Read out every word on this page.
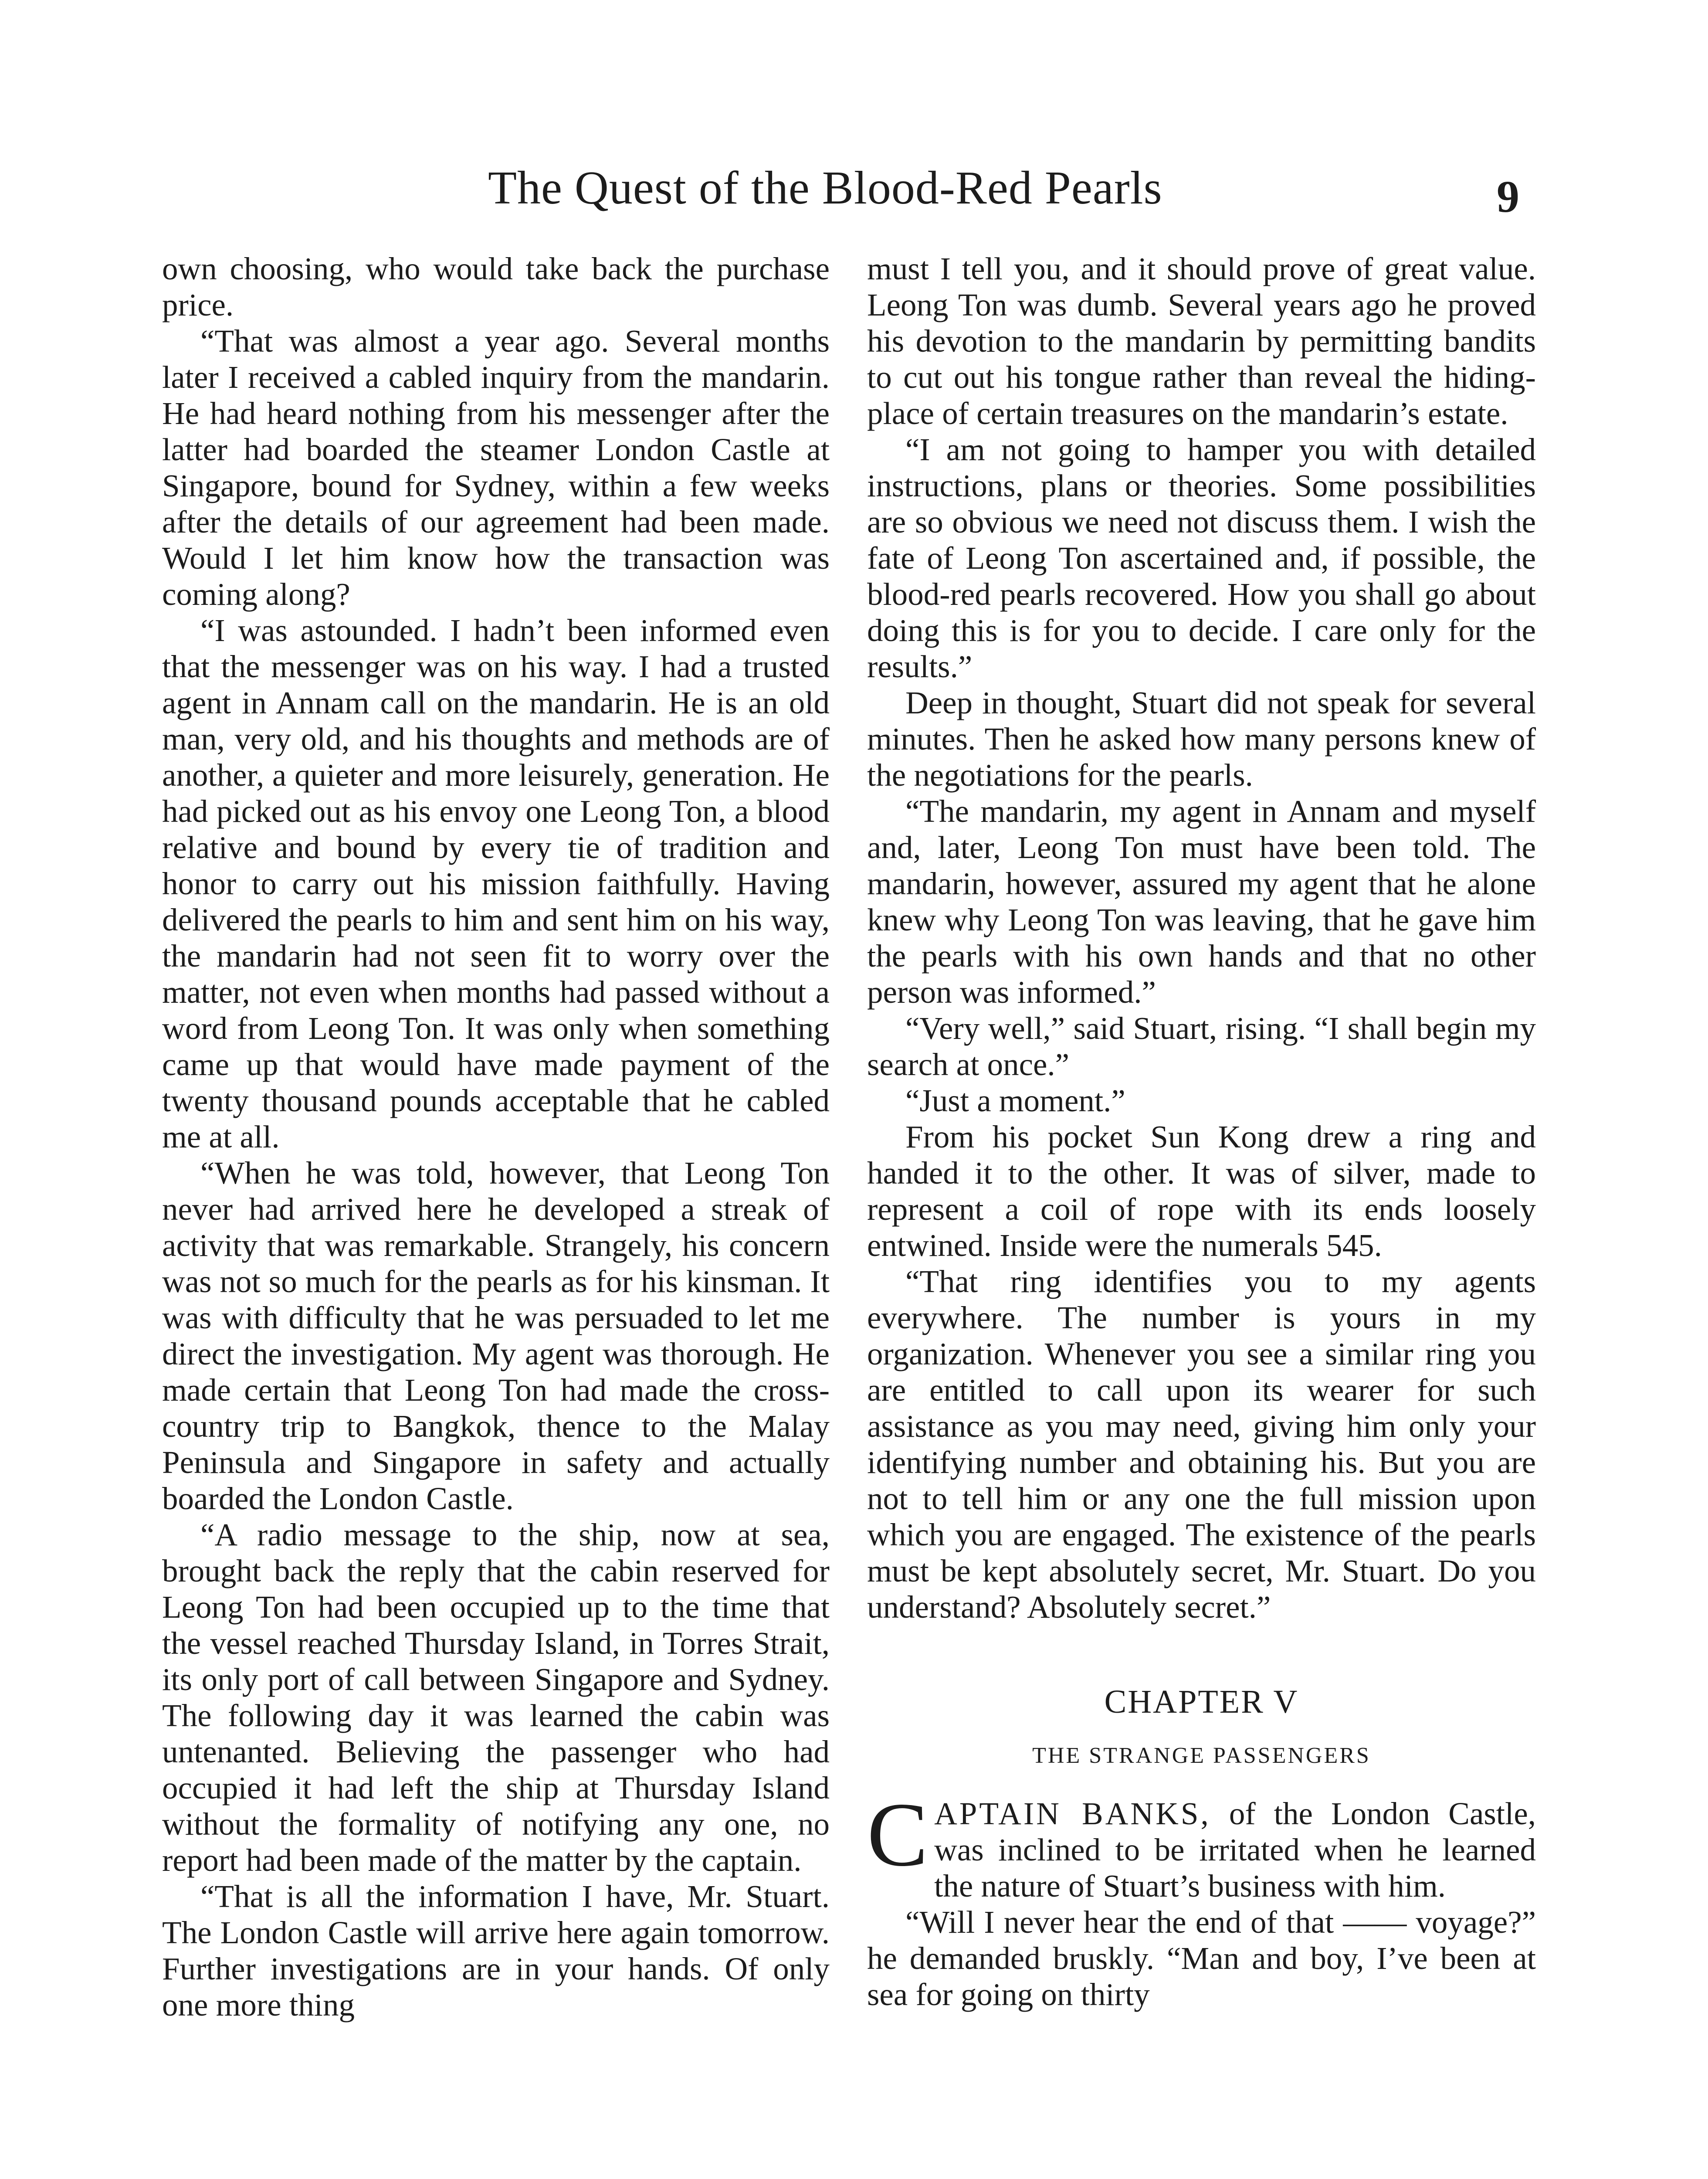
The Quest of the Blood-Red Pearls	9

own choosing, who would take back the purchase price.

“That was almost a year ago. Several months later I received a cabled inquiry from the mandarin. He had heard nothing from his messenger after the latter had boarded the steamer London Castle at Singapore, bound for Sydney, within a few weeks after the details of our agreement had been made. Would I let him know how the transaction was coming along?

“I was astounded. I hadn’t been informed even that the messenger was on his way. I had a trusted agent in Annam call on the mandarin. He is an old man, very old, and his thoughts and methods are of another, a quieter and more leisurely, generation. He had picked out as his envoy one Leong Ton, a blood relative and bound by every tie of tradition and honor to carry out his mission faithfully. Having delivered the pearls to him and sent him on his way, the mandarin had not seen fit to worry over the matter, not even when months had passed without a word from Leong Ton. It was only when something came up that would have made payment of the twenty thousand pounds acceptable that he cabled me at all.

“When he was told, however, that Leong Ton never had arrived here he developed a streak of activity that was remarkable. Strangely, his concern was not so much for the pearls as for his kinsman. It was with difficulty that he was persuaded to let me direct the investigation. My agent was thorough. He made certain that Leong Ton had made the cross-country trip to Bangkok, thence to the Malay Peninsula and Singapore in safety and actually boarded the London Castle.

“A radio message to the ship, now at sea, brought back the reply that the cabin reserved for Leong Ton had been occupied up to the time that the vessel reached Thursday Island, in Torres Strait, its only port of call between Singapore and Sydney. The following day it was learned the cabin was untenanted. Believing the passenger who had occupied it had left the ship at Thursday Island without the formality of notifying any one, no report had been made of the matter by the captain.

“That is all the information I have, Mr. Stuart. The London Castle will arrive here again tomorrow. Further investigations are in your hands. Of only one more thing

must I tell you, and it should prove of great value. Leong Ton was dumb. Several years ago he proved his devotion to the mandarin by permitting bandits to cut out his tongue rather than reveal the hiding-place of certain treasures on the mandarin’s estate.

“I am not going to hamper you with detailed instructions, plans or theories. Some possibilities are so obvious we need not discuss them. I wish the fate of Leong Ton ascertained and, if possible, the blood-red pearls recovered. How you shall go about doing this is for you to decide. I care only for the results.”

Deep in thought, Stuart did not speak for several minutes. Then he asked how many persons knew of the negotiations for the pearls.

“The mandarin, my agent in Annam and myself and, later, Leong Ton must have been told. The mandarin, however, assured my agent that he alone knew why Leong Ton was leaving, that he gave him the pearls with his own hands and that no other person was informed.”

“Very well,” said Stuart, rising. “I shall begin my search at once.”

“Just a moment.”

From his pocket Sun Kong drew a ring and handed it to the other. It was of silver, made to represent a coil of rope with its ends loosely entwined. Inside were the numerals 545.

“That ring identifies you to my agents everywhere. The number is yours in my organization. Whenever you see a similar ring you are entitled to call upon its wearer for such assistance as you may need, giving him only your identifying number and obtaining his. But you are not to tell him or any one the full mission upon which you are engaged. The existence of the pearls must be kept absolutely secret, Mr. Stuart. Do you understand? Absolutely secret.”

CHAPTER V
THE STRANGE PASSENGERS

CAPTAIN BANKS, of the London Castle, was inclined to be irritated when he learned the nature of Stuart’s business with him.

“Will I never hear the end of that —— voyage?” he demanded bruskly. “Man and boy, I’ve been at sea for going on thirty
